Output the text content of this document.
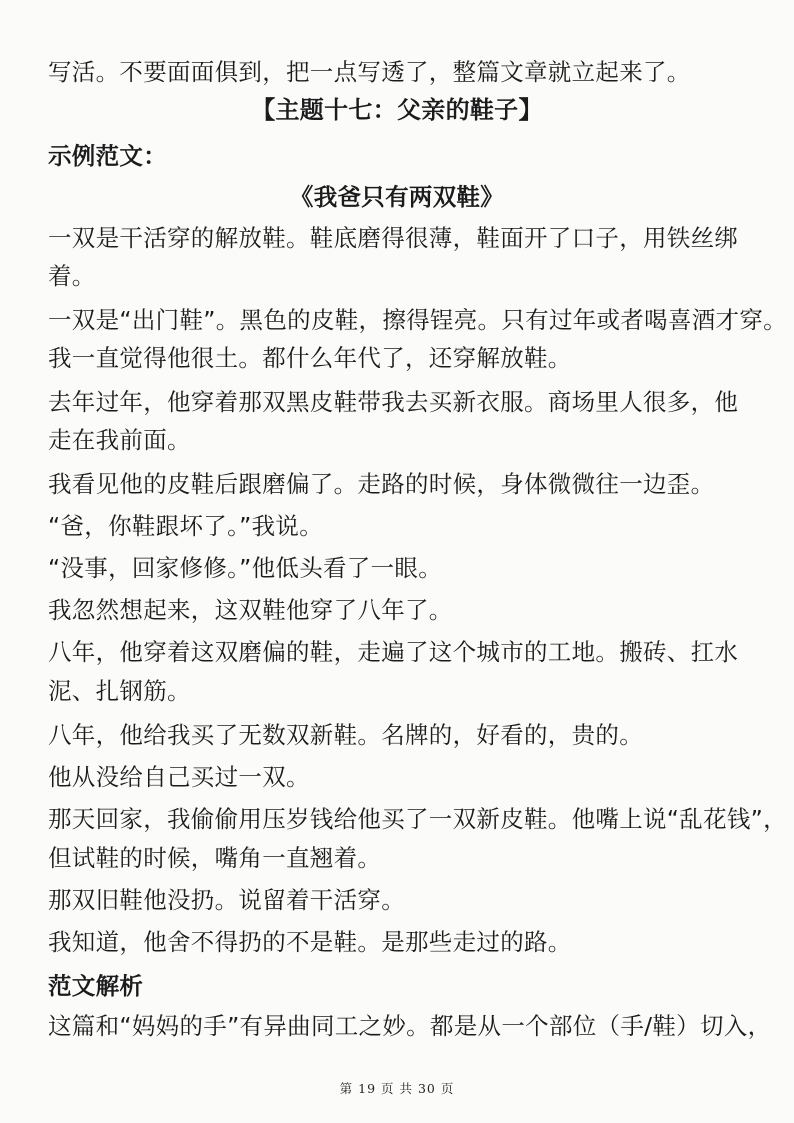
写活。不要面面俱到，把一点写透了，整篇文章就立起来了。
【主题十七：父亲的鞋子】
示例范文：
《我爸只有两双鞋》
一双是干活穿的解放鞋。鞋底磨得很薄，鞋面开了口子，用铁丝绑
着。
一双是“出门鞋”。黑色的皮鞋，擦得锃亮。只有过年或者喝喜酒才穿。
我一直觉得他很土。都什么年代了，还穿解放鞋。
去年过年，他穿着那双黑皮鞋带我去买新衣服。商场里人很多，他
走在我前面。
我看见他的皮鞋后跟磨偏了。走路的时候，身体微微往一边歪。
“爸，你鞋跟坏了。”我说。
“没事，回家修修。”他低头看了一眼。
我忽然想起来，这双鞋他穿了八年了。
八年，他穿着这双磨偏的鞋，走遍了这个城市的工地。搬砖、扛水
泥、扎钢筋。
八年，他给我买了无数双新鞋。名牌的，好看的，贵的。
他从没给自己买过一双。
那天回家，我偷偷用压岁钱给他买了一双新皮鞋。他嘴上说“乱花钱”，
但试鞋的时候，嘴角一直翘着。
那双旧鞋他没扔。说留着干活穿。
我知道，他舍不得扔的不是鞋。是那些走过的路。
范文解析
这篇和“妈妈的手”有异曲同工之妙。都是从一个部位（手/鞋）切入，
第 19 页 共 30 页
